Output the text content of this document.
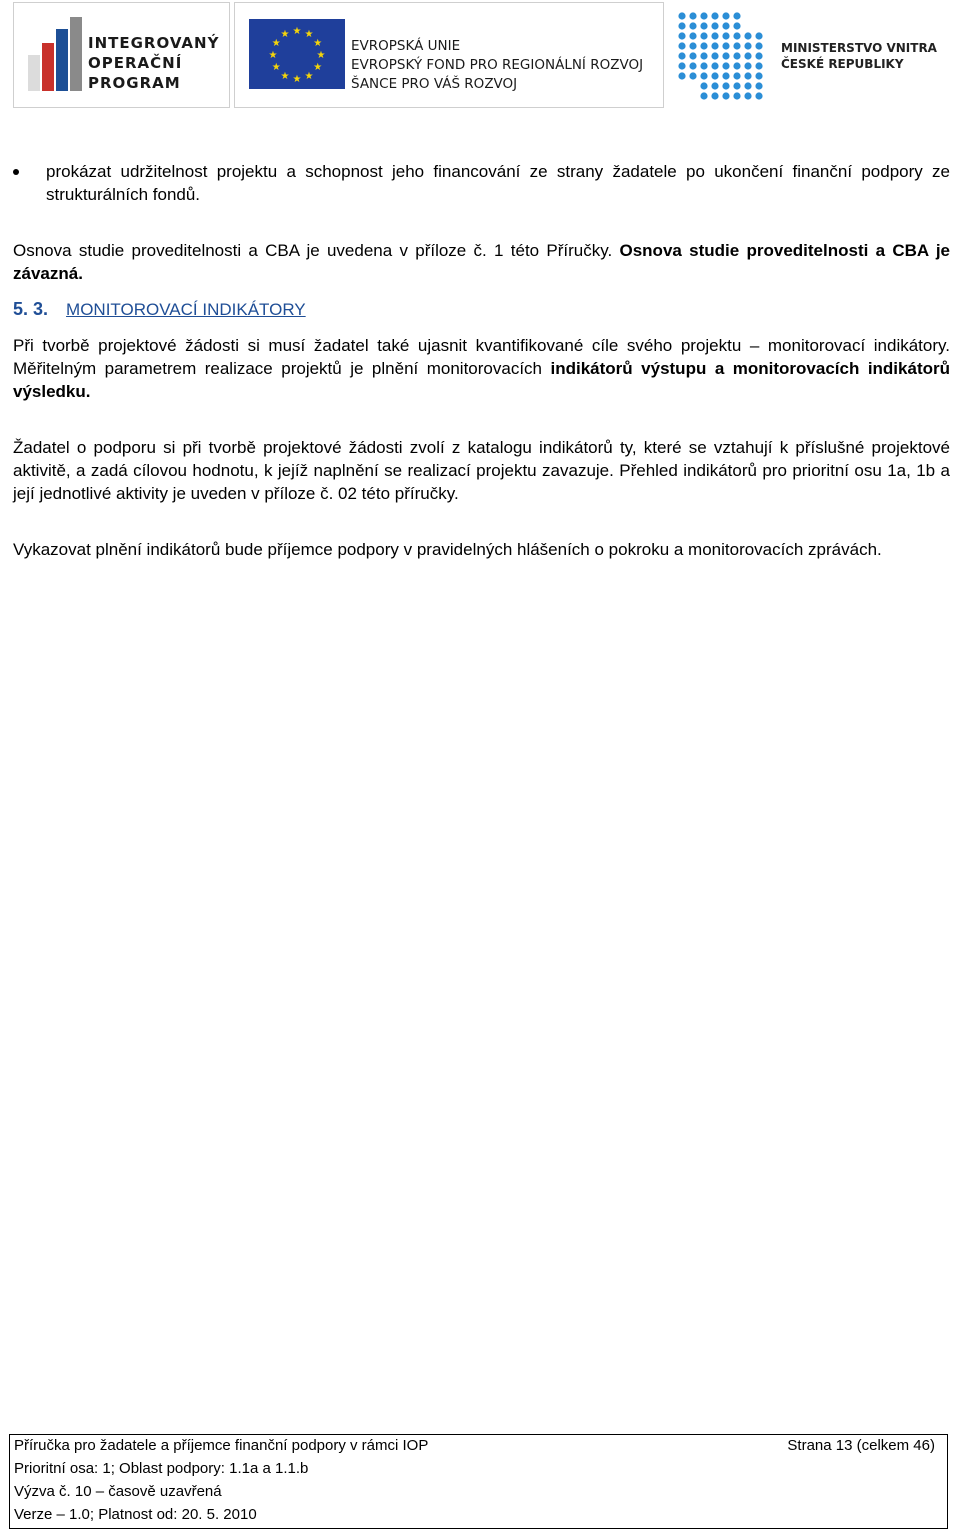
INTEGROVANÝ
OPERAČNÍ
PROGRAM
★
★
★
★
★
★
★
★
★ ★ ★
★ EVROPSKÁ UNIE
EVROPSKÝ FOND PRO REGIONÁLNÍ ROZVOJ
ŠANCE PRO VÁŠ ROZVOJ
MINISTERSTVO VNITRA
ČESKÉ REPUBLIKY
prokázat udržitelnost projektu a schopnost jeho financování ze strany žadatele po ukončení finanční podpory ze strukturálních fondů.

Osnova studie proveditelnosti a CBA je uvedena v příloze č. 1 této Příručky. Osnova studie proveditelnosti a CBA je závazná.

5. 3. MONITOROVACÍ INDIKÁTORY

Při tvorbě projektové žádosti si musí žadatel také ujasnit kvantifikované cíle svého projektu – monitorovací indikátory. Měřitelným parametrem realizace projektů je plnění monitorovacích indikátorů výstupu a monitorovacích indikátorů výsledku.

Žadatel o podporu si při tvorbě projektové žádosti zvolí z katalogu indikátorů ty, které se vztahují k příslušné projektové aktivitě, a zadá cílovou hodnotu, k jejíž naplnění se realizací projektu zavazuje. Přehled indikátorů pro prioritní osu 1a, 1b a její jednotlivé aktivity je uveden v příloze č. 02 této příručky.

Vykazovat plnění indikátorů bude příjemce podpory v pravidelných hlášeních o pokroku a monitorovacích zprávách.

Příručka pro žadatele a příjemce finanční podpory v rámci IOP	Strana 13 (celkem 46)
Prioritní osa: 1; Oblast podpory: 1.1a a 1.1.b
Výzva č. 10 – časově uzavřená
Verze – 1.0; Platnost od: 20. 5. 2010
